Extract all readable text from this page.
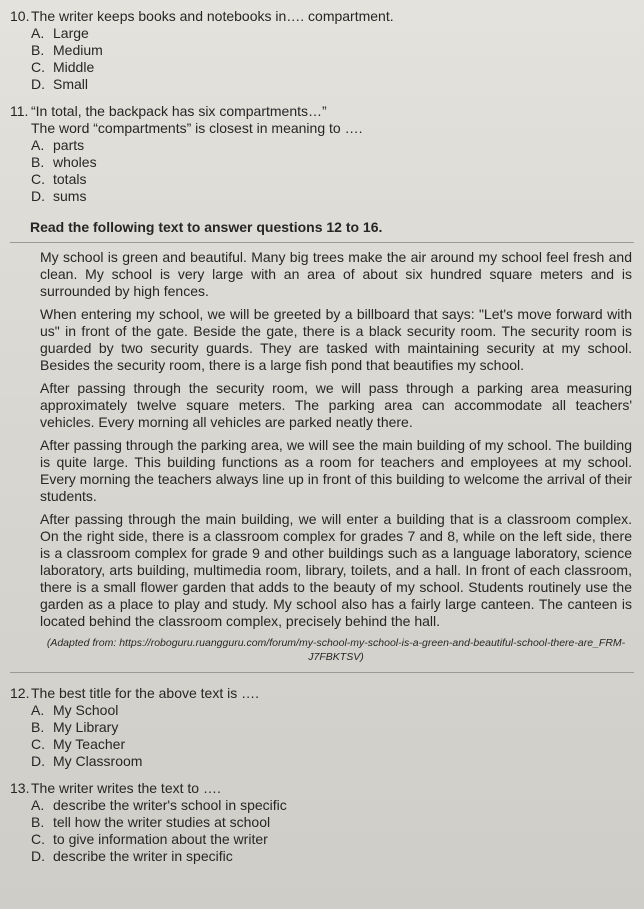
10. The writer keeps books and notebooks in…. compartment.
A. Large
B. Medium
C. Middle
D. Small
11. “In total, the backpack has six compartments…”
The word “compartments” is closest in meaning to ….
A. parts
B. wholes
C. totals
D. sums
Read the following text to answer questions 12 to 16.

My school is green and beautiful. Many big trees make the air around my school feel fresh and clean. My school is very large with an area of about six hundred square meters and is surrounded by high fences.

When entering my school, we will be greeted by a billboard that says: "Let's move forward with us" in front of the gate. Beside the gate, there is a black security room. The security room is guarded by two security guards. They are tasked with maintaining security at my school. Besides the security room, there is a large fish pond that beautifies my school.

After passing through the security room, we will pass through a parking area measuring approximately twelve square meters. The parking area can accommodate all teachers' vehicles. Every morning all vehicles are parked neatly there.

After passing through the parking area, we will see the main building of my school. The building is quite large. This building functions as a room for teachers and employees at my school. Every morning the teachers always line up in front of this building to welcome the arrival of their students.

After passing through the main building, we will enter a building that is a classroom complex. On the right side, there is a classroom complex for grades 7 and 8, while on the left side, there is a classroom complex for grade 9 and other buildings such as a language laboratory, science laboratory, arts building, multimedia room, library, toilets, and a hall. In front of each classroom, there is a small flower garden that adds to the beauty of my school. Students routinely use the garden as a place to play and study. My school also has a fairly large canteen. The canteen is located behind the classroom complex, precisely behind the hall.

(Adapted from: https://roboguru.ruangguru.com/forum/my-school-my-school-is-a-green-and-beautiful-school-there-are_FRM-J7FBKTSV)
12. The best title for the above text is ….
A. My School
B. My Library
C. My Teacher
D. My Classroom
13. The writer writes the text to ….
A. describe the writer's school in specific
B. tell how the writer studies at school
C. to give information about the writer
D. describe the writer in specific
